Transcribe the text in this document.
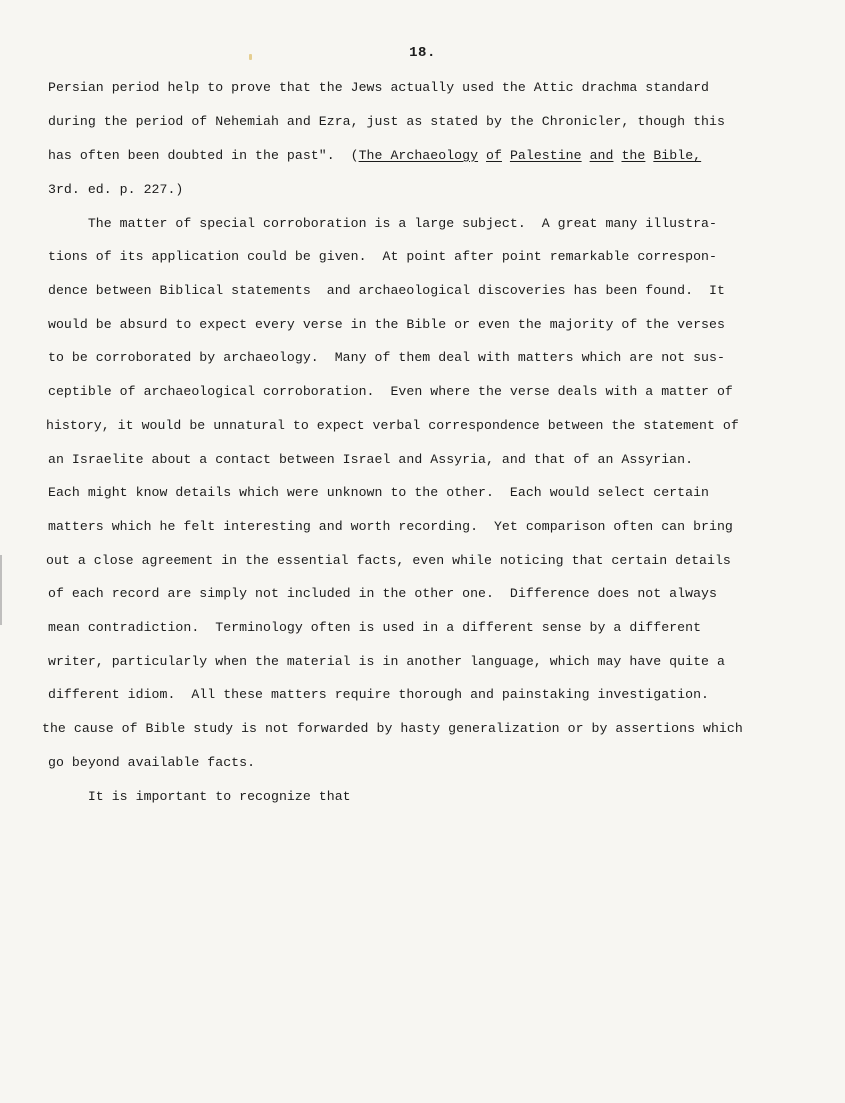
18.
Persian period help to prove that the Jews actually used the Attic drachma standard
during the period of Nehemiah and Ezra, just as stated by the Chronicler, though this
has often been doubted in the past".  (The Archaeology of Palestine and the Bible,
3rd. ed. p. 227.)
The matter of special corroboration is a large subject.  A great many illustra-
tions of its application could be given.  At point after point remarkable correspon-
dence between Biblical statements  and archaeological discoveries has been found.  It
would be absurd to expect every verse in the Bible or even the majority of the verses
to be corroborated by archaeology.  Many of them deal with matters which are not sus-
ceptible of archaeological corroboration.  Even where the verse deals with a matter of
history, it would be unnatural to expect verbal correspondence between the statement of
an Israelite about a contact between Israel and Assyria, and that of an Assyrian.
Each might know details which were unknown to the other.  Each would select certain
matters which he felt interesting and worth recording.  Yet comparison often can bring
out a close agreement in the essential facts, even while noticing that certain details
of each record are simply not included in the other one.  Difference does not always
mean contradiction.  Terminology often is used in a different sense by a different
writer, particularly when the material is in another language, which may have quite a
different idiom.  All these matters require thorough and painstaking investigation.
the cause of Bible study is not forwarded by hasty generalization or by assertions which
go beyond available facts.
It is important to recognize that
